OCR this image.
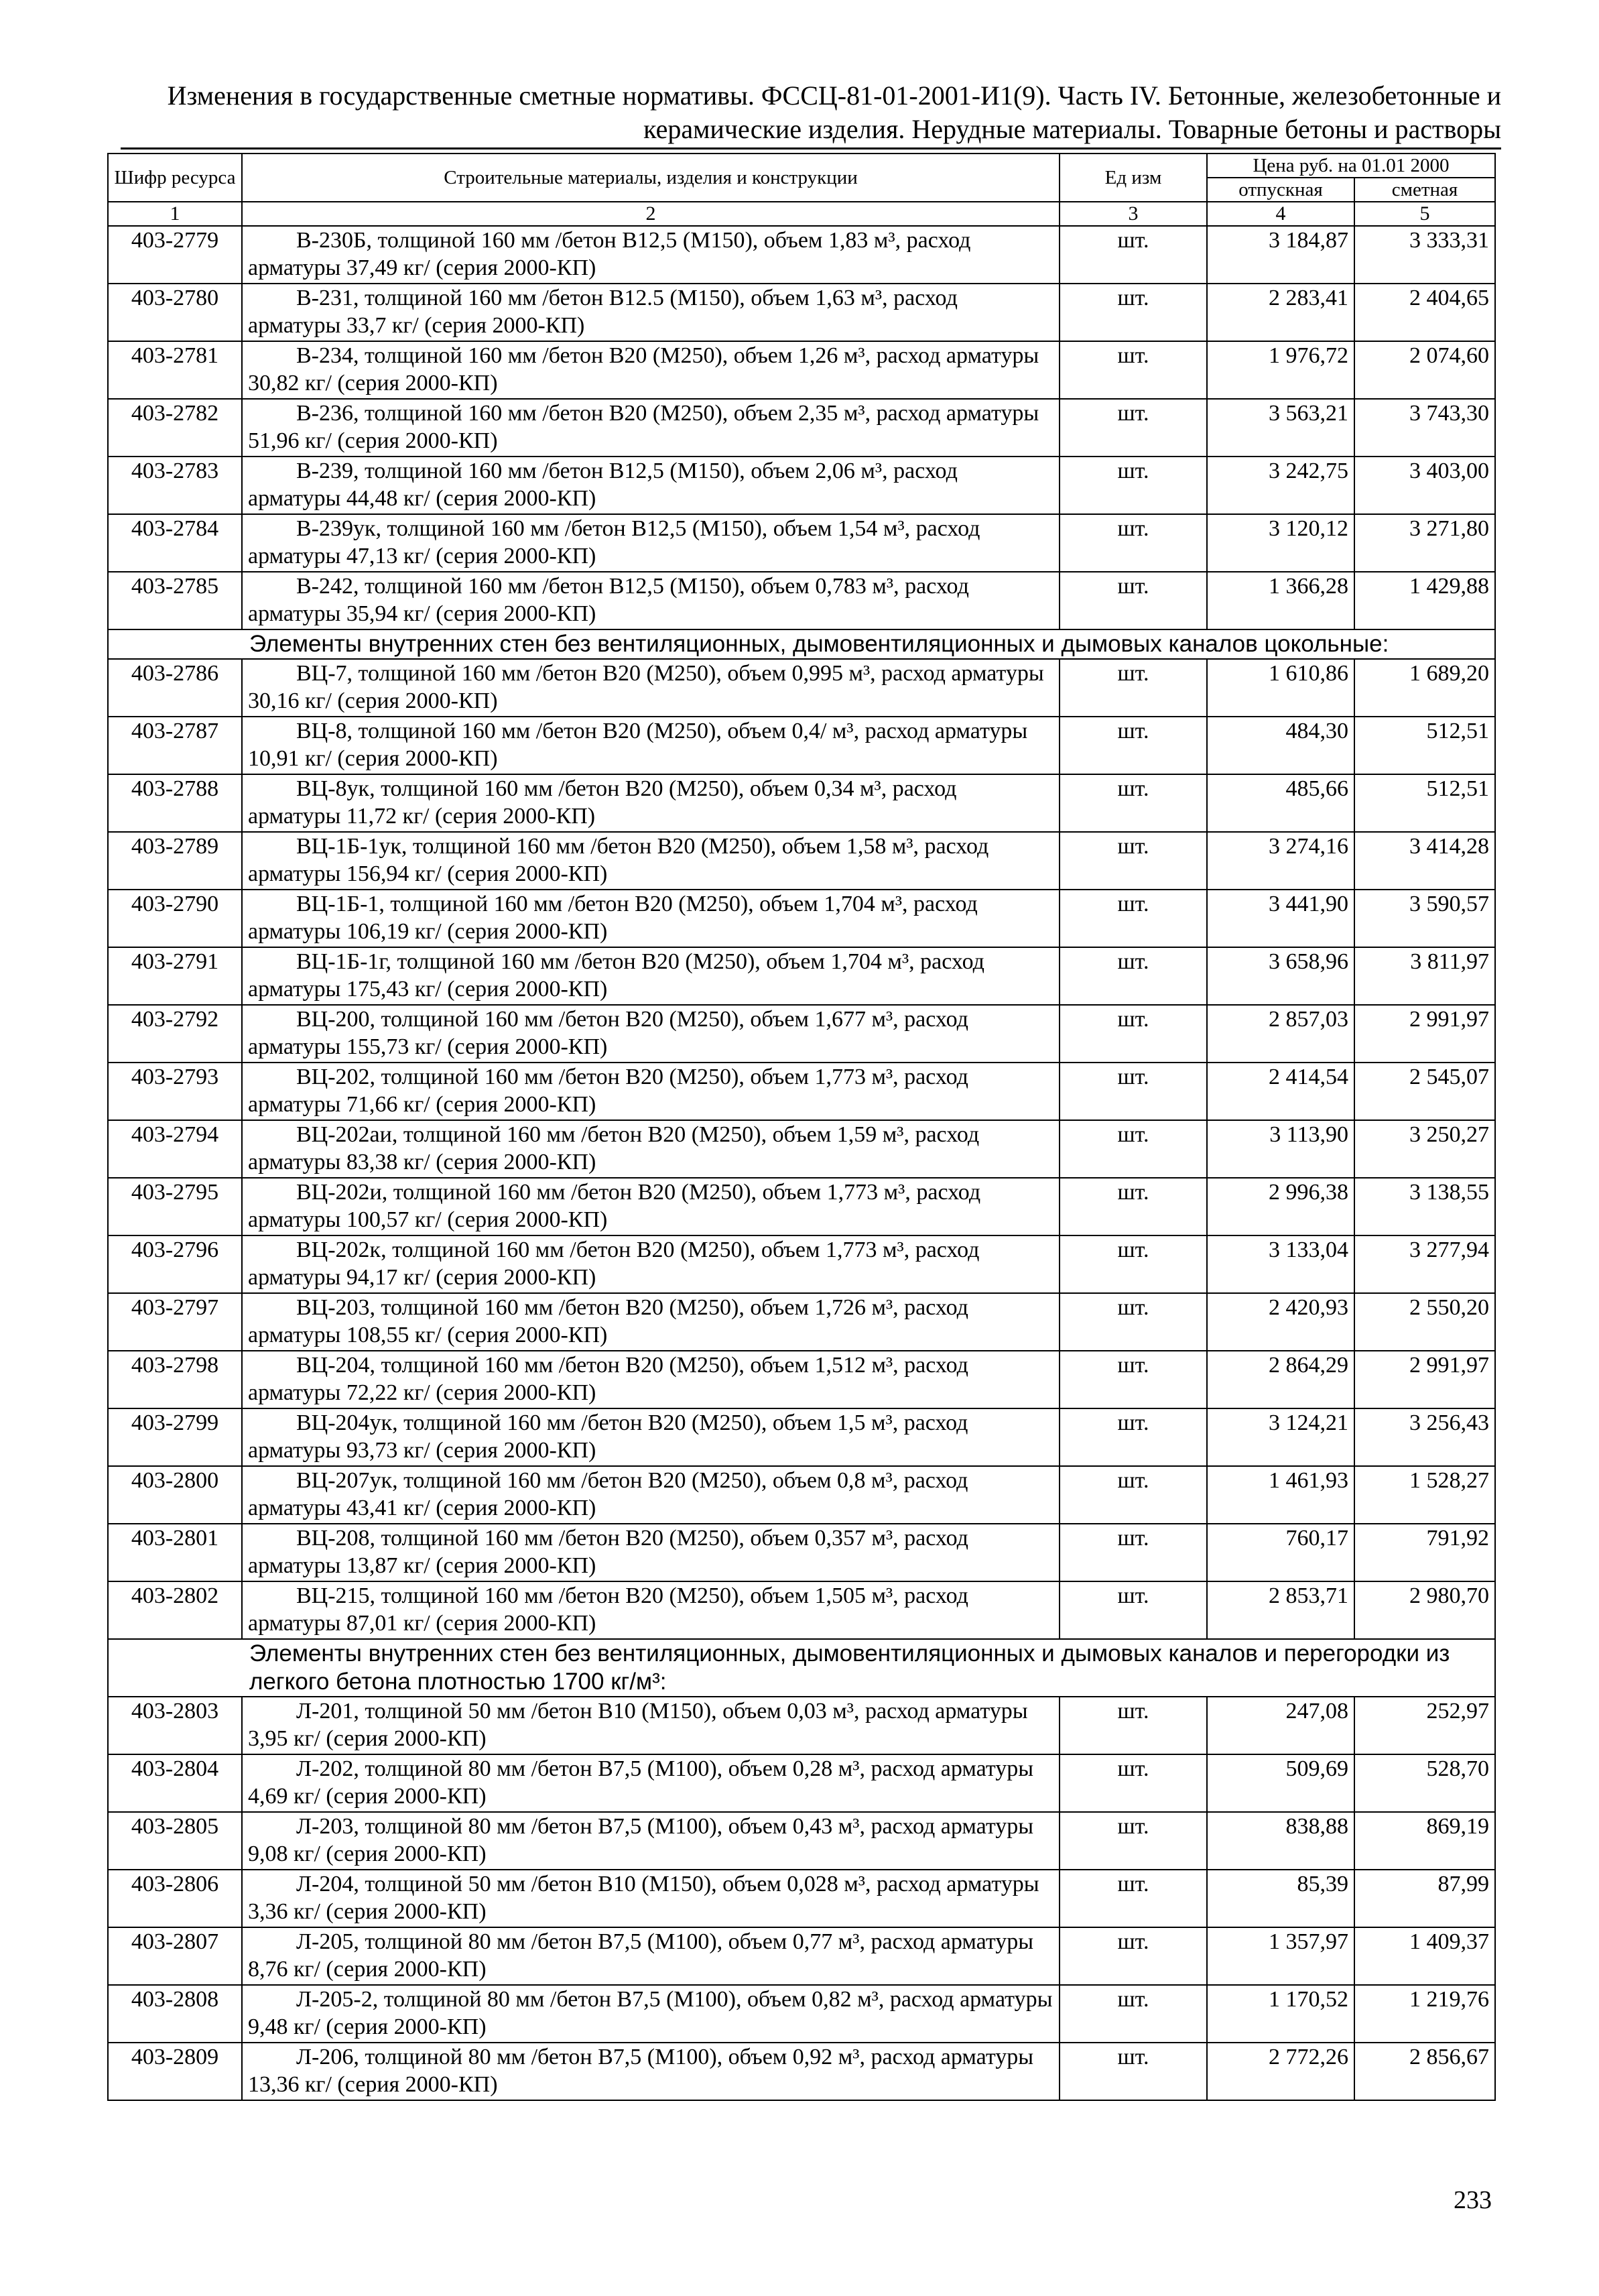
Изменения в государственные сметные нормативы. ФССЦ-81-01-2001-И1(9). Часть IV. Бетонные, железобетонные и
керамические изделия. Нерудные материалы. Товарные бетоны и растворы
Шифр ресурса	Строительные материалы, изделия и конструкции	Ед изм	Цена руб. на 01.01 2000	
			отпускная	сметная
1	2	3	4	5
403-2779	В-230Б, толщиной 160 мм /бетон В12,5 (М150), объем 1,83 м³, расход арматуры 37,49 кг/ (серия 2000-КП)	шт.	3 184,87	3 333,31
403-2780	В-231, толщиной 160 мм /бетон В12.5 (М150), объем 1,63 м³, расход арматуры 33,7 кг/ (серия 2000-КП)	шт.	2 283,41	2 404,65
403-2781	В-234, толщиной 160 мм /бетон В20 (М250), объем 1,26 м³, расход арматуры 30,82 кг/ (серия 2000-КП)	шт.	1 976,72	2 074,60
403-2782	В-236, толщиной 160 мм /бетон В20 (М250), объем 2,35 м³, расход арматуры 51,96 кг/ (серия 2000-КП)	шт.	3 563,21	3 743,30
403-2783	В-239, толщиной 160 мм /бетон В12,5 (М150), объем 2,06 м³, расход арматуры 44,48 кг/ (серия 2000-КП)	шт.	3 242,75	3 403,00
403-2784	В-239ук, толщиной 160 мм /бетон В12,5 (М150), объем 1,54 м³, расход арматуры 47,13 кг/ (серия 2000-КП)	шт.	3 120,12	3 271,80
403-2785	В-242, толщиной 160 мм /бетон В12,5 (М150), объем 0,783 м³, расход арматуры 35,94 кг/ (серия 2000-КП)	шт.	1 366,28	1 429,88
Элементы внутренних стен без вентиляционных, дымовентиляционных и дымовых каналов цокольные:				
403-2786	ВЦ-7, толщиной 160 мм /бетон В20 (М250), объем 0,995 м³, расход арматуры 30,16 кг/ (серия 2000-КП)	шт.	1 610,86	1 689,20
403-2787	ВЦ-8, толщиной 160 мм /бетон В20 (М250), объем 0,4/ м³, расход арматуры 10,91 кг/ (серия 2000-КП)	шт.	484,30	512,51
403-2788	ВЦ-8ук, толщиной 160 мм /бетон В20 (М250), объем 0,34 м³, расход арматуры 11,72 кг/ (серия 2000-КП)	шт.	485,66	512,51
403-2789	ВЦ-1Б-1ук, толщиной 160 мм /бетон В20 (М250), объем 1,58 м³, расход арматуры 156,94 кг/ (серия 2000-КП)	шт.	3 274,16	3 414,28
403-2790	ВЦ-1Б-1, толщиной 160 мм /бетон В20 (М250), объем 1,704 м³, расход арматуры 106,19 кг/ (серия 2000-КП)	шт.	3 441,90	3 590,57
403-2791	ВЦ-1Б-1г, толщиной 160 мм /бетон В20 (М250), объем 1,704 м³, расход арматуры 175,43 кг/ (серия 2000-КП)	шт.	3 658,96	3 811,97
403-2792	ВЦ-200, толщиной 160 мм /бетон В20 (М250), объем 1,677 м³, расход арматуры 155,73 кг/ (серия 2000-КП)	шт.	2 857,03	2 991,97
403-2793	ВЦ-202, толщиной 160 мм /бетон В20 (М250), объем 1,773 м³, расход арматуры 71,66 кг/ (серия 2000-КП)	шт.	2 414,54	2 545,07
403-2794	ВЦ-202аи, толщиной 160 мм /бетон В20 (М250), объем 1,59 м³, расход арматуры 83,38 кг/ (серия 2000-КП)	шт.	3 113,90	3 250,27
403-2795	ВЦ-202и, толщиной 160 мм /бетон В20 (М250), объем 1,773 м³, расход арматуры 100,57 кг/ (серия 2000-КП)	шт.	2 996,38	3 138,55
403-2796	ВЦ-202к, толщиной 160 мм /бетон В20 (М250), объем 1,773 м³, расход арматуры 94,17 кг/ (серия 2000-КП)	шт.	3 133,04	3 277,94
403-2797	ВЦ-203, толщиной 160 мм /бетон В20 (М250), объем 1,726 м³, расход арматуры 108,55 кг/ (серия 2000-КП)	шт.	2 420,93	2 550,20
403-2798	ВЦ-204, толщиной 160 мм /бетон В20 (М250), объем 1,512 м³, расход арматуры 72,22 кг/ (серия 2000-КП)	шт.	2 864,29	2 991,97
403-2799	ВЦ-204ук, толщиной 160 мм /бетон В20 (М250), объем 1,5 м³, расход арматуры 93,73 кг/ (серия 2000-КП)	шт.	3 124,21	3 256,43
403-2800	ВЦ-207ук, толщиной 160 мм /бетон В20 (М250), объем 0,8 м³, расход арматуры 43,41 кг/ (серия 2000-КП)	шт.	1 461,93	1 528,27
403-2801	ВЦ-208, толщиной 160 мм /бетон В20 (М250), объем 0,357 м³, расход арматуры 13,87 кг/ (серия 2000-КП)	шт.	760,17	791,92
403-2802	ВЦ-215, толщиной 160 мм /бетон В20 (М250), объем 1,505 м³, расход арматуры 87,01 кг/ (серия 2000-КП)	шт.	2 853,71	2 980,70
Элементы внутренних стен без вентиляционных, дымовентиляционных и дымовых каналов и перегородки из легкого бетона плотностью 1700 кг/м³:				
403-2803	Л-201, толщиной 50 мм /бетон В10 (М150), объем 0,03 м³, расход арматуры 3,95 кг/ (серия 2000-КП)	шт.	247,08	252,97
403-2804	Л-202, толщиной 80 мм /бетон В7,5 (М100), объем 0,28 м³, расход арматуры 4,69 кг/ (серия 2000-КП)	шт.	509,69	528,70
403-2805	Л-203, толщиной 80 мм /бетон В7,5 (М100), объем 0,43 м³, расход арматуры 9,08 кг/ (серия 2000-КП)	шт.	838,88	869,19
403-2806	Л-204, толщиной 50 мм /бетон В10 (М150), объем 0,028 м³, расход арматуры 3,36 кг/ (серия 2000-КП)	шт.	85,39	87,99
403-2807	Л-205, толщиной 80 мм /бетон В7,5 (М100), объем 0,77 м³, расход арматуры 8,76 кг/ (серия 2000-КП)	шт.	1 357,97	1 409,37
403-2808	Л-205-2, толщиной 80 мм /бетон В7,5 (М100), объем 0,82 м³, расход арматуры 9,48 кг/ (серия 2000-КП)	шт.	1 170,52	1 219,76
403-2809	Л-206, толщиной 80 мм /бетон В7,5 (М100), объем 0,92 м³, расход арматуры 13,36 кг/ (серия 2000-КП)	шт.	2 772,26	2 856,67
233
